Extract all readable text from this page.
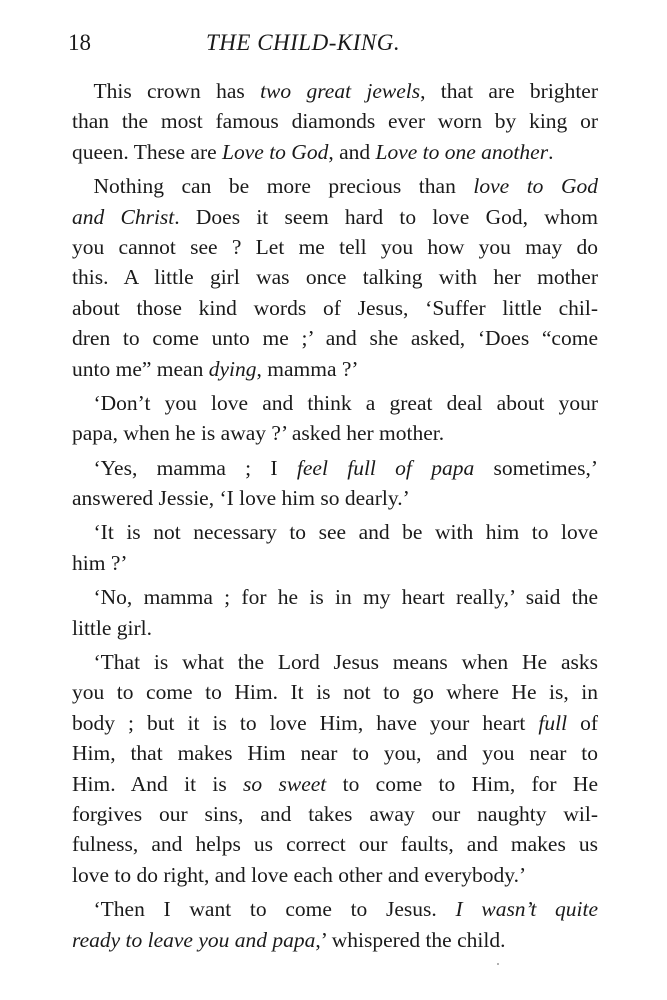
18	THE CHILD-KING.
This crown has two great jewels, that are brighter
than the most famous diamonds ever worn by king or
queen. These are Love to God, and Love to one another.
Nothing can be more precious than love to God
and Christ. Does it seem hard to love God, whom
you cannot see ? Let me tell you how you may do
this. A little girl was once talking with her mother
about those kind words of Jesus, ‘Suffer little chil-
dren to come unto me ;’ and she asked, ‘Does “come
unto me” mean dying, mamma ?’
‘Don’t you love and think a great deal about your
papa, when he is away ?’ asked her mother.
‘Yes, mamma ; I feel full of papa sometimes,’
answered Jessie, ‘I love him so dearly.’
‘It is not necessary to see and be with him to love
him ?’
‘No, mamma ; for he is in my heart really,’ said the
little girl.
‘That is what the Lord Jesus means when He asks
you to come to Him. It is not to go where He is, in
body ; but it is to love Him, have your heart full of
Him, that makes Him near to you, and you near to
Him. And it is so sweet to come to Him, for He
forgives our sins, and takes away our naughty wil-
fulness, and helps us correct our faults, and makes us
love to do right, and love each other and everybody.’
‘Then I want to come to Jesus. I wasn’t quite
ready to leave you and papa,’ whispered the child.
